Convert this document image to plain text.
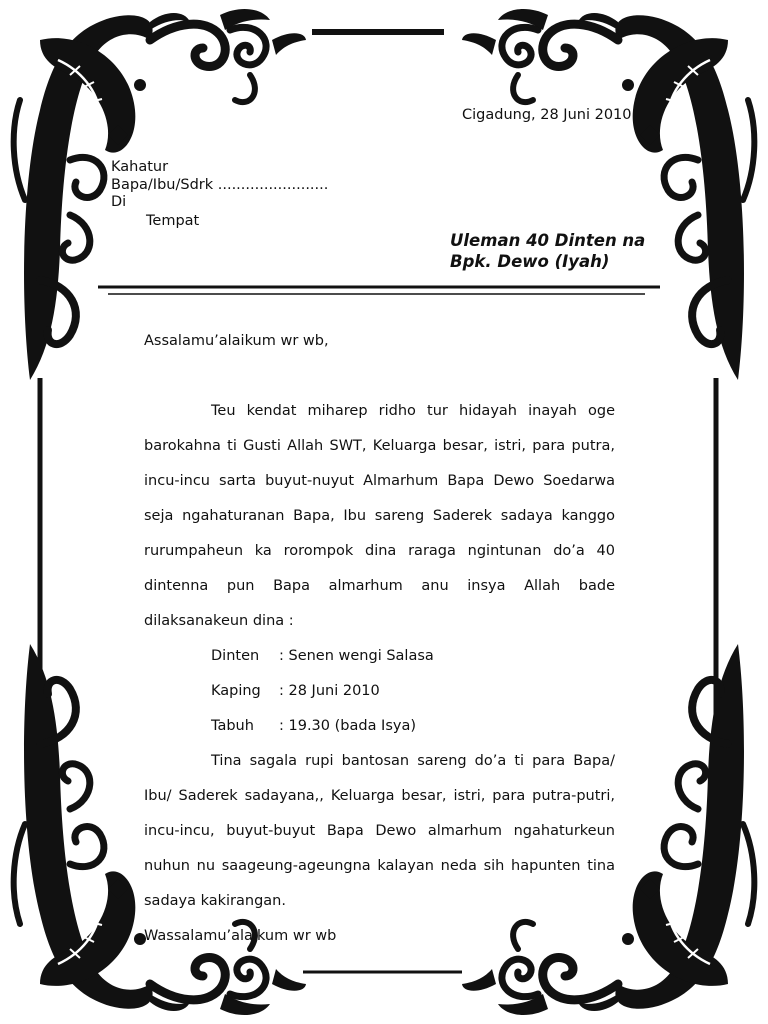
Cigadung, 28 Juni 2010
Kahatur
Bapa/Ibu/Sdrk ........................
Di
Tempat
Uleman 40 Dinten na
Bpk. Dewo (Iyah)

Assalamu’alaikum wr wb,

Teu kendat miharep ridho tur hidayah inayah oge barokahna ti Gusti Allah SWT, Keluarga besar, istri, para putra, incu-incu sarta buyut-nuyut Almarhum Bapa Dewo Soedarwa seja ngahaturanan Bapa, Ibu sareng Saderek sadaya kanggo rurumpaheun ka rorompok dina raraga ngintunan do’a 40 dintenna pun Bapa almarhum anu insya Allah bade dilaksanakeun dina :

Dinten	: Senen wengi Salasa
Kaping	: 28 Juni 2010
Tabuh	: 19.30 (bada Isya)

Tina sagala rupi bantosan sareng do’a ti para Bapa/ Ibu/ Saderek sadayana,, Keluarga besar, istri, para putra-putri, incu-incu, buyut-buyut Bapa Dewo almarhum ngahaturkeun nuhun nu saageung-ageungna kalayan neda sih hapunten tina sadaya kakirangan.

Wassalamu’alaikum wr wb
